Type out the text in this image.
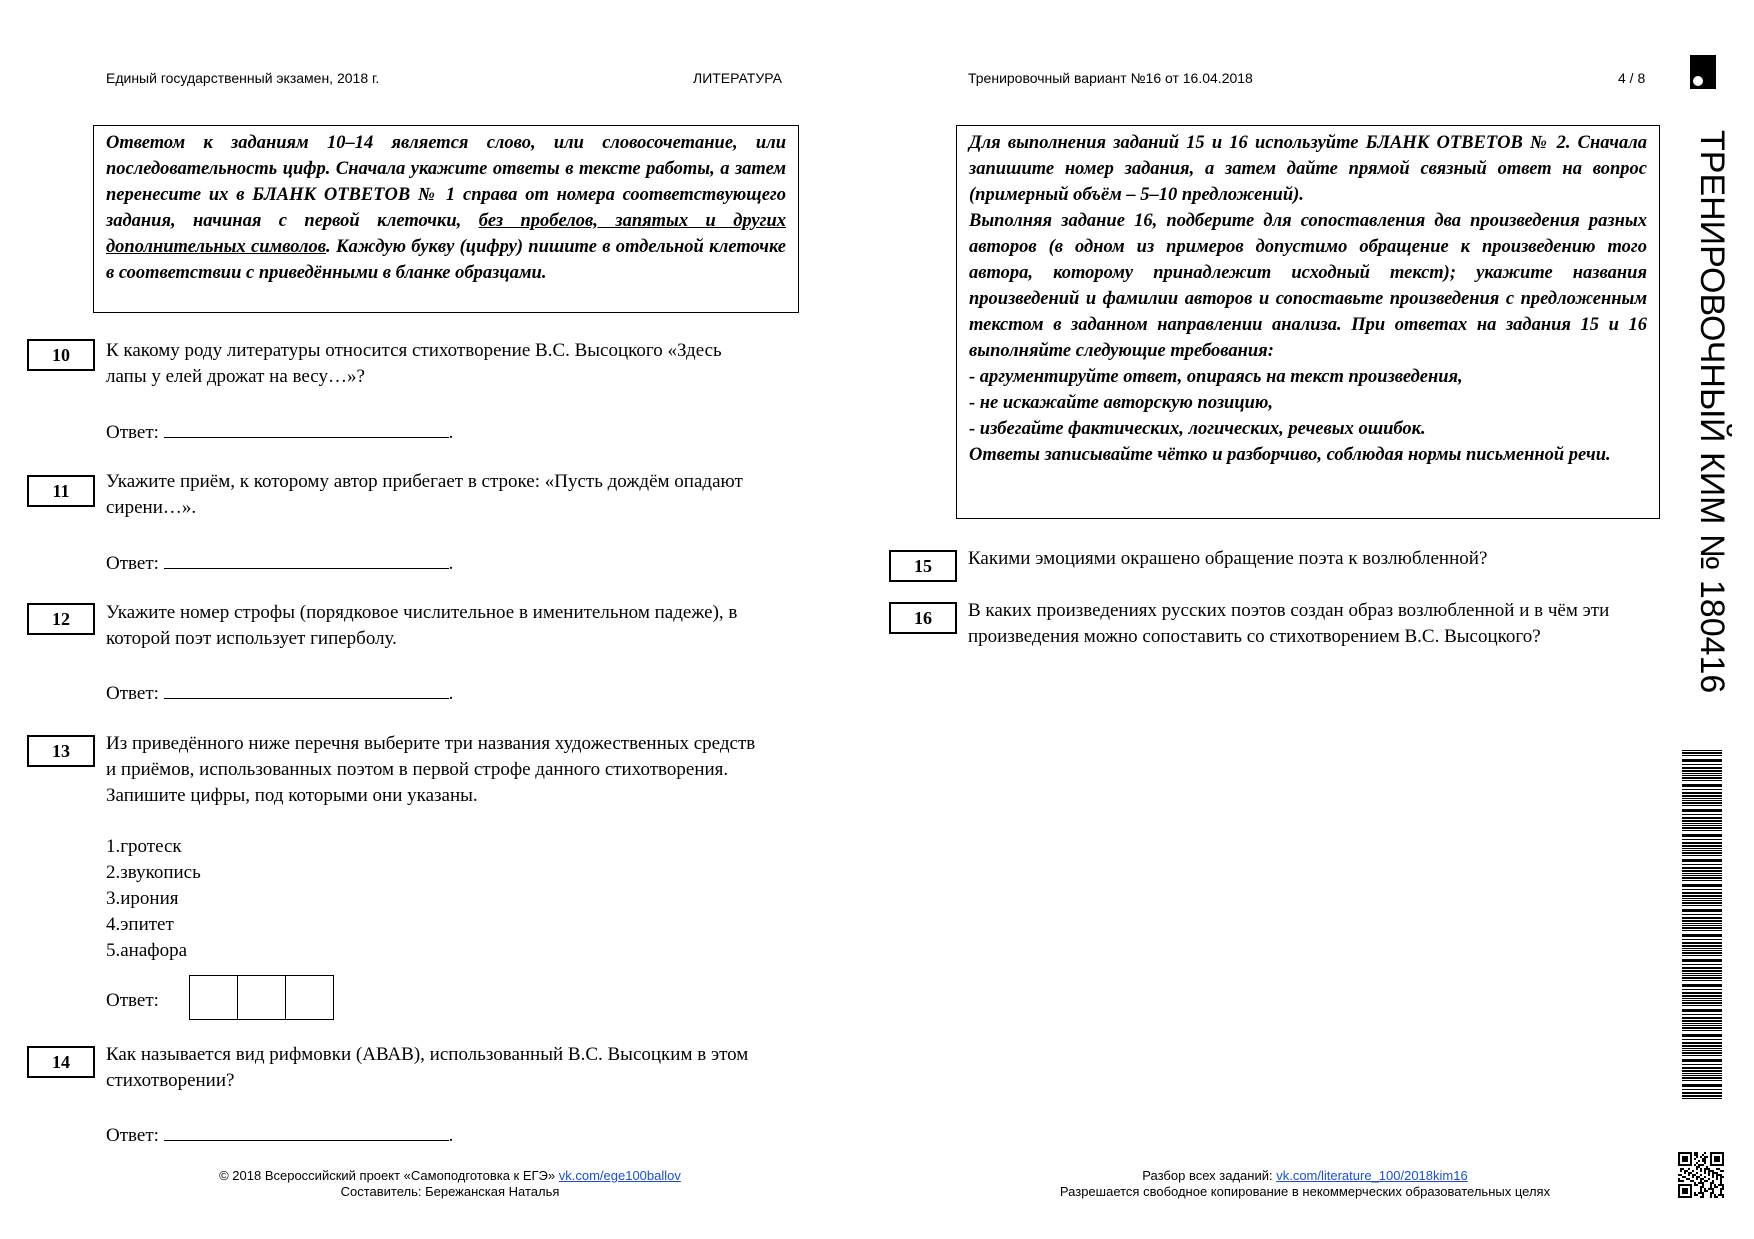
Единый государственный экзамен, 2018 г.	ЛИТЕРАТУРА	Тренировочный вариант №16 от 16.04.2018	4 / 8

Ответом к заданиям 10–14 является слово, или словосочетание, или последовательность цифр. Сначала укажите ответы в тексте работы, а затем перенесите их в БЛАНК ОТВЕТОВ № 1 справа от номера соответствующего задания, начиная с первой клеточки, без пробелов, запятых и других дополнительных символов. Каждую букву (цифру) пишите в отдельной клеточке в соответствии с приведёнными в бланке образцами.

10	К какому роду литературы относится стихотворение В.С. Высоцкого «Здесь лапы у елей дрожат на весу…»?
Ответ:	.
11	Укажите приём, к которому автор прибегает в строке: «Пусть дождём опадают сирени…».
Ответ:	.
12	Укажите номер строфы (порядковое числительное в именительном падеже), в которой поэт использует гиперболу.
Ответ:	.
13	Из приведённого ниже перечня выберите три названия художественных средств и приёмов, использованных поэтом в первой строфе данного стихотворения. Запишите цифры, под которыми они указаны.
1.гротеск
2.звукопись
3.ирония
4.эпитет
5.анафора
Ответ:
14	Как называется вид рифмовки (АВАВ), использованный В.С. Высоцким в этом стихотворении?
Ответ:	.

Для выполнения заданий 15 и 16 используйте БЛАНК ОТВЕТОВ № 2. Сначала запишите номер задания, а затем дайте прямой связный ответ на вопрос (примерный объём – 5–10 предложений).

Выполняя задание 16, подберите для сопоставления два произведения разных авторов (в одном из примеров допустимо обращение к произведению того автора, которому принадлежит исходный текст); укажите названия произведений и фамилии авторов и сопоставьте произведения с предложенным текстом в заданном направлении анализа. При ответах на задания 15 и 16 выполняйте следующие требования:

- аргументируйте ответ, опираясь на текст произведения,

- не искажайте авторскую позицию,

- избегайте фактических, логических, речевых ошибок.

Ответы записывайте чётко и разборчиво, соблюдая нормы письменной речи.

15	Какими эмоциями окрашено обращение поэта к возлюбленной?
16	В каких произведениях русских поэтов создан образ возлюбленной и в чём эти произведения можно сопоставить со стихотворением В.С. Высоцкого?
© 2018 Всероссийский проект «Самоподготовка к ЕГЭ» vk.com/ege100ballov
Составитель: Бережанская Наталья
Разбор всех заданий: vk.com/literature_100/2018kim16
Разрешается свободное копирование в некоммерческих образовательных целях
ТРЕНИРОВОЧНЫЙ КИМ № 180416
